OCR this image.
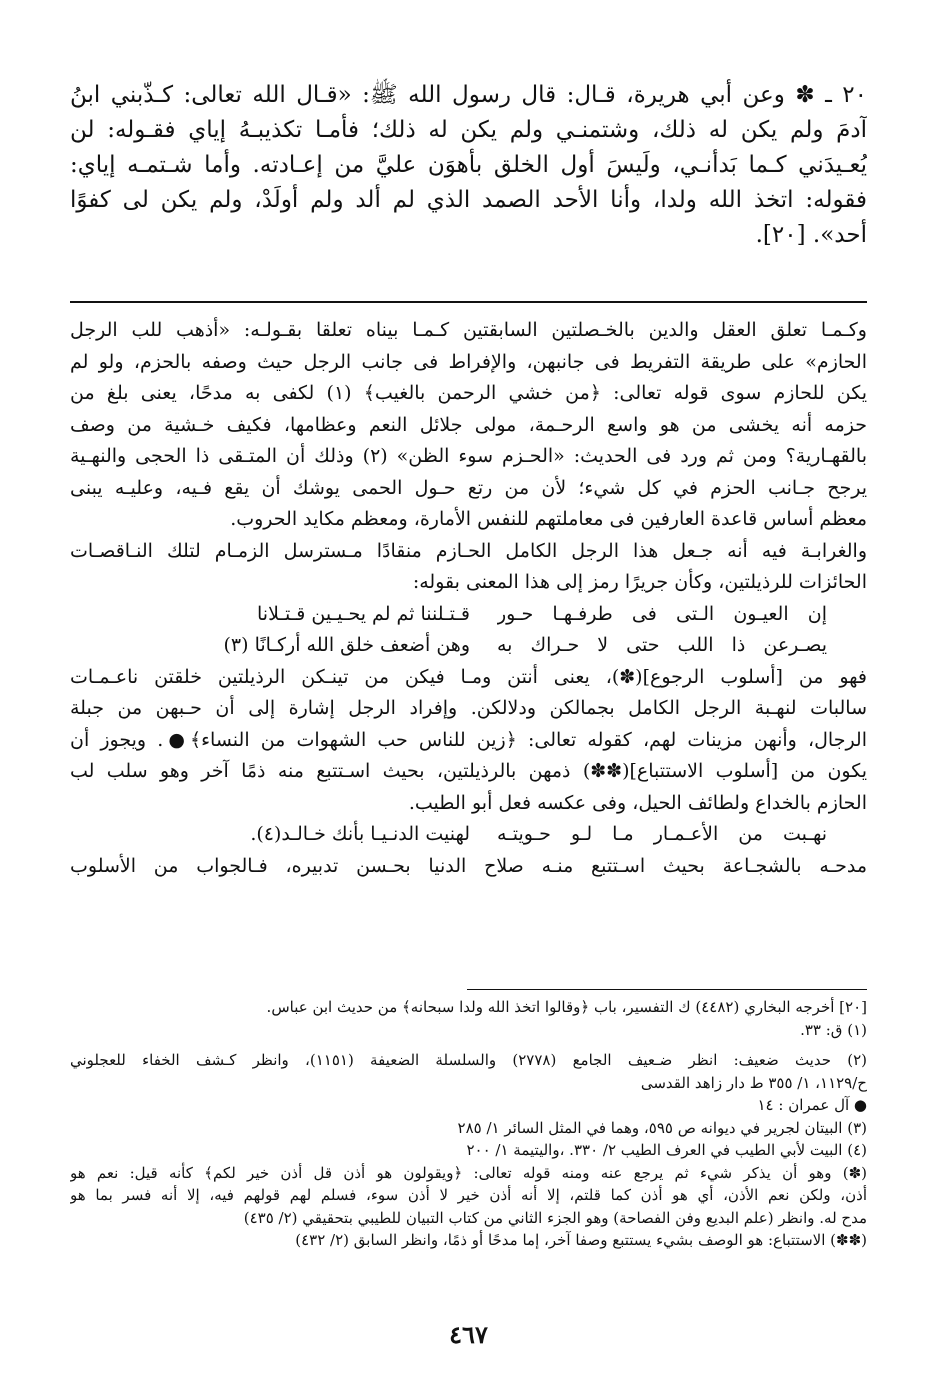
٢٠ ـ ✽ وعن أبي هريرة، قـال: قال رسول الله ﷺ: «قـال الله تعالى: كـذّبني ابنُ
آدمَ ولم يكن له ذلك، وشتمنـي ولم يكن له ذلك؛ فأمـا تكذيبـهُ إياي فقـوله: لن
يُعـيدَني كـما بَدأنـي، ولَيسَ أول الخلق بأهوَن عليَّ من إعـادته. وأما شـتمـه إياي:
فقوله: اتخذ الله ولدا، وأنا الأحد الصمد الذي لم ألد ولم أولَدْ، ولم يكن لى كفوًا
أحد». [٢٠].
وكـمـا تعلق العقل والدين بالخـصلتين السابقتين كـمـا بيناه تعلقا بقـولـه: «أذهب للب الرجل
الحازم» على طريقة التفريط فى جانبهن، والإفراط فى جانب الرجل حيث وصفه بالحزم، ولو لم
يكن للحازم سوى قوله تعالى: ﴿من خشي الرحمن بالغيب﴾ (١) لكفى به مدحًا، يعنى بلغ من
حزمه أنه يخشى من هو واسع الرحـمة، مولى جلائل النعم وعظامها، فكيف خـشية من وصف
بالقهـارية؟ ومن ثم ورد فى الحديث: «الحـزم سوء الظن» (٢) وذلك أن المتـقى ذا الحجى والنهـية
يرجح جـانب الحزم في كل شيء؛ لأن من رتع حـول الحمى يوشك أن يقع فـيه، وعليـه يبنى
معظم أساس قاعدة العارفين فى معاملتهم للنفس الأمارة، ومعظم مكايد الحروب.
والغرابـة فيه أنه جـعل هذا الرجل الكامل الحـازم منقادًا مـسترسل الزمـام لتلك النـاقصـات
الحائزات للرذيلتين، وكأن جريرًا رمز إلى هذا المعنى بقوله:
إن العيـون الـتى فى طرفـهـا حـور
قـتـلننا ثم لم يحـيـين قـتـلانا
يصـرعن ذا اللب حتى لا حـراك به
وهن أضعف خلق الله أركـانًا (٣)
فهو من [أسلوب الرجوع](✽)، يعنى أنتن ومـا فيكن من تينـكن الرذيلتين خلقتن ناعـمـات
سالبات لنهـبة الرجل الكامل بجمالكن ودلالكن. وإفراد الرجل إشارة إلى أن حـبهن من جبلة
الرجال، وأنهن مزينات لهم، كقوله تعالى: ﴿زين للناس حب الشهوات من النساء﴾●. ويجوز أن
يكون من [أسلوب الاستتباع](✽✽) ذمهن بالرذيلتين، بحيث اسـتتبع منه ذمًا آخر وهو سلب لب
الحازم بالخداع ولطائف الحيل، وفى عكسه فعل أبو الطيب.
نهـبت من الأعـمـار مـا لـو حـويتـه
لهنيت الدنـيـا بأنك خـالـد(٤).
مدحـه بالشجـاعة بحيث اسـتتبع منـه صلاح الدنيا بحـسن تدبيره، فـالجواب من الأسلوب
[٢٠] أخرجه البخاري (٤٤٨٢) ك التفسير، باب ﴿وقالوا اتخذ الله ولدا سبحانه﴾ من حديث ابن عباس.
(١) ق: ٣٣.
(٢) حديث ضعيف: انظر ضـعيف الجامع (٢٧٧٨) والسلسلة الضعيفة (١١٥١)، وانظر كـشف الخفاء للعجلوني
ح/١١٢٩، ١/ ٣٥٥ ط دار زاهد القدسى
● آل عمران : ١٤
(٣) البيتان لجرير في ديوانه ص ٥٩٥، وهما في المثل السائر ١/ ٢٨٥
(٤) البيت لأبي الطيب في العرف الطيب ٢/ ٣٣٠. ،واليتيمة ١/ ٢٠٠
(✽) وهو أن يذكر شيء ثم يرجع عنه ومنه قوله تعالى: ﴿ويقولون هو أذن قل أذن خير لكم﴾ كأنه قيل: نعم هو
أذن، ولكن نعم الأذن، أي هو أذن كما قلتم، إلا أنه أذن خير لا أذن سوء، فسلم لهم قولهم فيه، إلا أنه فسر بما هو
مدح له. وانظر (علم البديع وفن الفصاحة) وهو الجزء الثاني من كتاب التبيان للطيبي بتحقيقي (٢/ ٤٣٥)
(✽✽) الاستتباع: هو الوصف بشيء يستتبع وصفا آخر، إما مدحًا أو ذمًا، وانظر السابق (٢/ ٤٣٢)
٤٦٧
